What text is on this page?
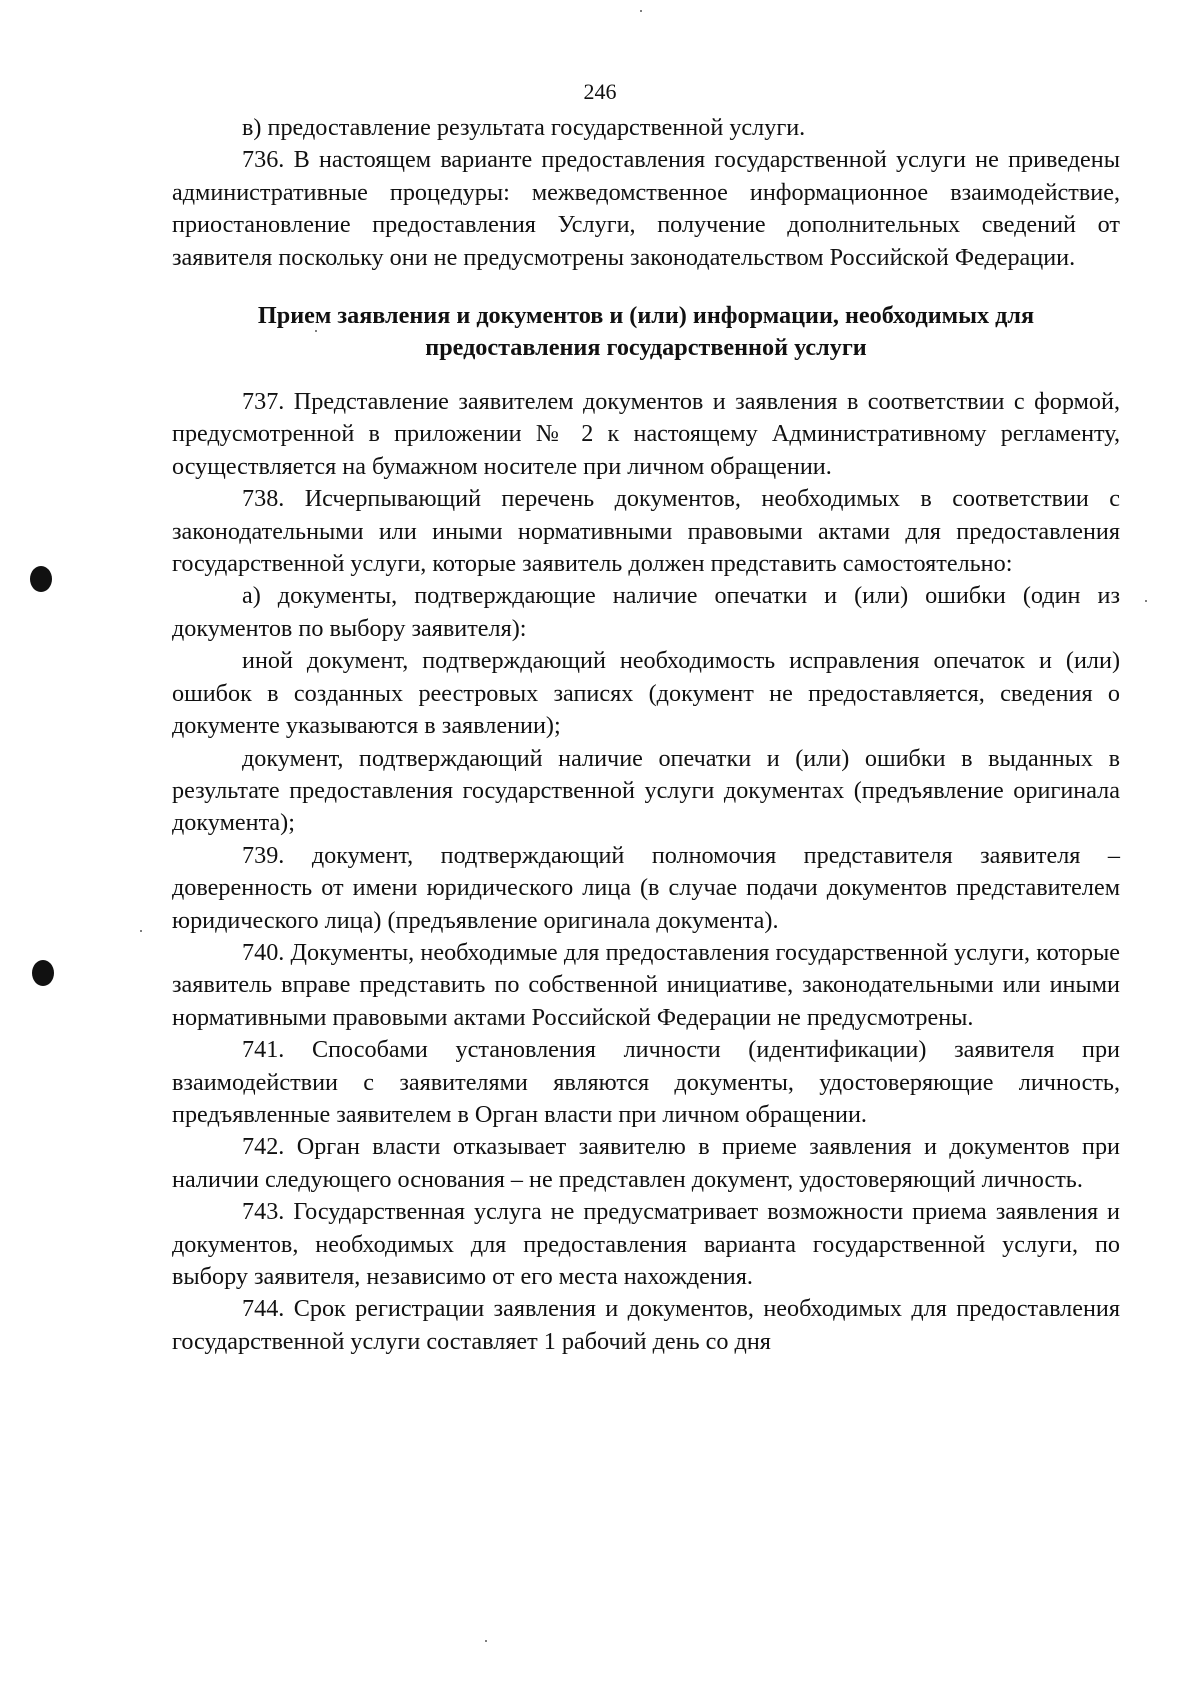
246

в) предоставление результата государственной услуги.

736. В настоящем варианте предоставления государственной услуги не приведены административные процедуры: межведомственное информационное взаимодействие, приостановление предоставления Услуги, получение дополнительных сведений от заявителя поскольку они не предусмотрены законодательством Российской Федерации.

Прием заявления и документов и (или) информации, необходимых для
предоставления государственной услуги

737. Представление заявителем документов и заявления в соответствии с формой, предусмотренной в приложении № 2 к настоящему Административному регламенту, осуществляется на бумажном носителе при личном обращении.

738. Исчерпывающий перечень документов, необходимых в соответствии с законодательными или иными нормативными правовыми актами для предоставления государственной услуги, которые заявитель должен представить самостоятельно:

а) документы, подтверждающие наличие опечатки и (или) ошибки (один из документов по выбору заявителя):

иной документ, подтверждающий необходимость исправления опечаток и (или) ошибок в созданных реестровых записях (документ не предоставляется, сведения о документе указываются в заявлении);

документ, подтверждающий наличие опечатки и (или) ошибки в выданных в результате предоставления государственной услуги документах (предъявление оригинала документа);

739. документ, подтверждающий полномочия представителя заявителя – доверенность от имени юридического лица (в случае подачи документов представителем юридического лица) (предъявление оригинала документа).

740. Документы, необходимые для предоставления государственной услуги, которые заявитель вправе представить по собственной инициативе, законодательными или иными нормативными правовыми актами Российской Федерации не предусмотрены.

741. Способами установления личности (идентификации) заявителя при взаимодействии с заявителями являются документы, удостоверяющие личность, предъявленные заявителем в Орган власти при личном обращении.

742. Орган власти отказывает заявителю в приеме заявления и документов при наличии следующего основания – не представлен документ, удостоверяющий личность.

743. Государственная услуга не предусматривает возможности приема заявления и документов, необходимых для предоставления варианта государственной услуги, по выбору заявителя, независимо от его места нахождения.

744. Срок регистрации заявления и документов, необходимых для предоставления государственной услуги составляет 1 рабочий день со дня
